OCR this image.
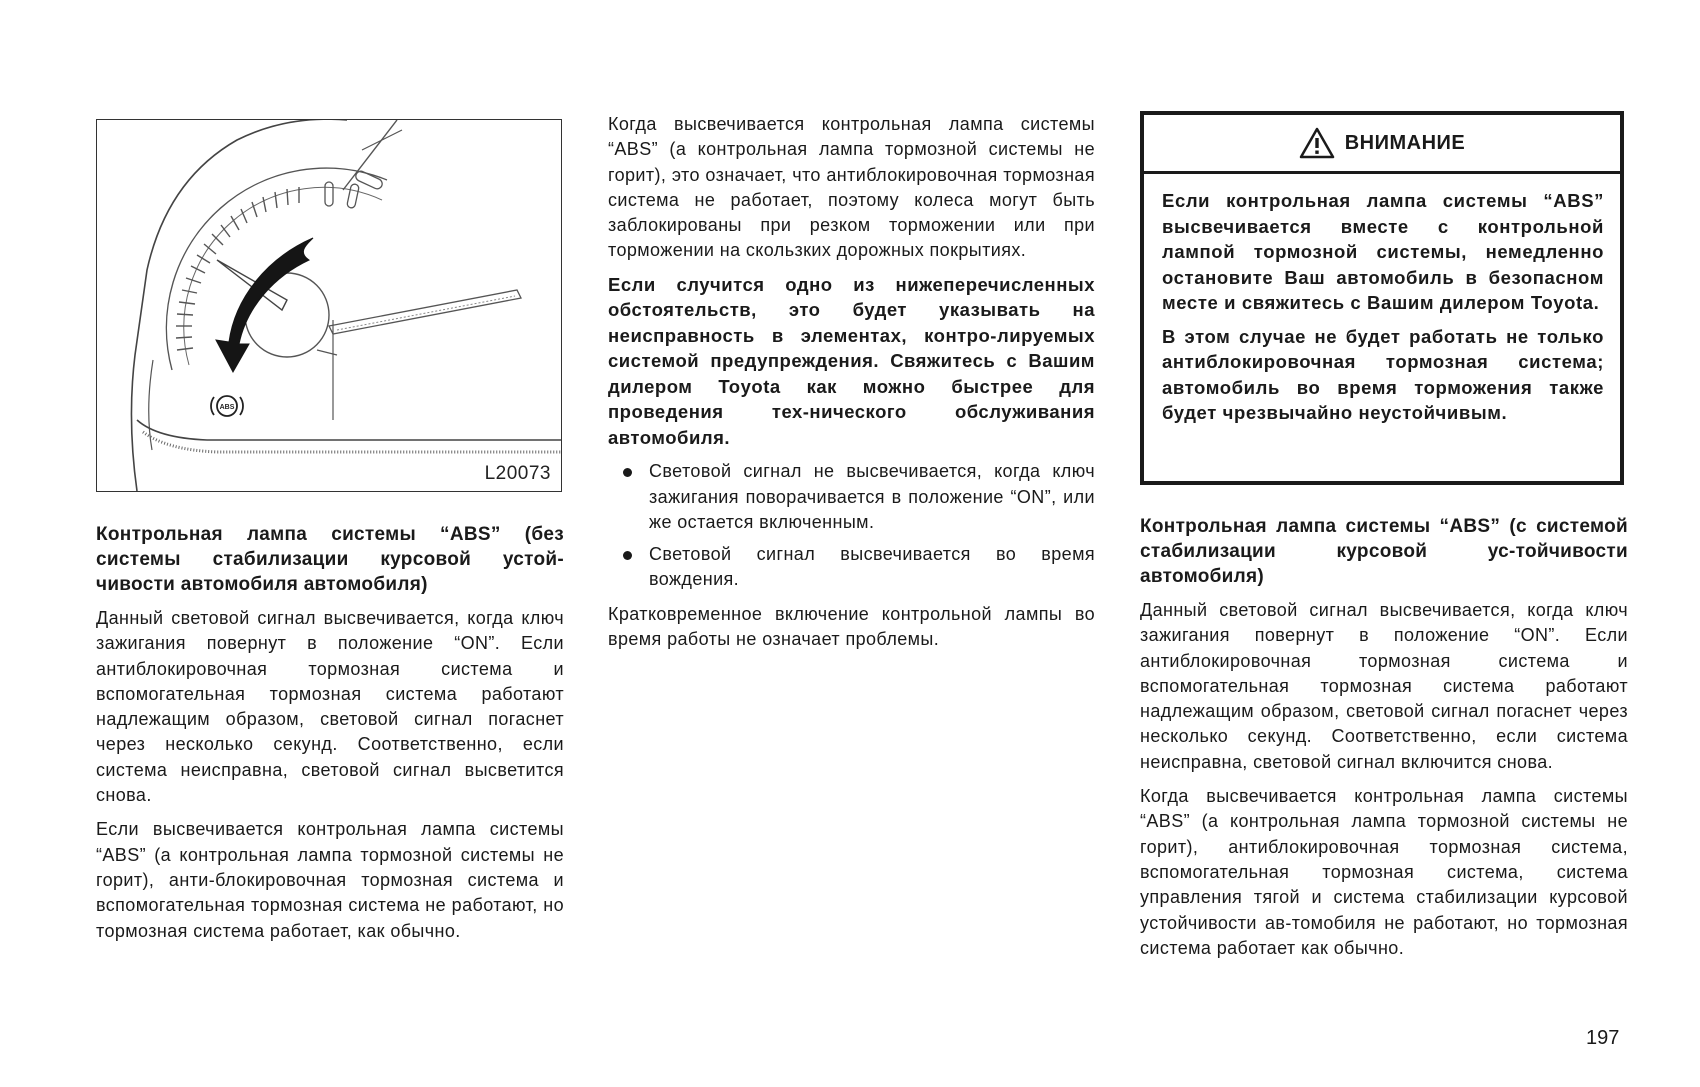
ABS
L20073
Контрольная лампа системы “ABS” (без системы стабилизации курсовой устой-чивости автомобиля автомобиля)

Данный световой сигнал высвечивается, когда ключ зажигания повернут в положение “ON”. Если антиблокировочная тормозная система и вспомогательная тормозная система работают надлежащим образом, световой сигнал погаснет через несколько секунд. Соответственно, если система неисправна, световой сигнал высветится снова.

Если высвечивается контрольная лампа системы “ABS” (а контрольная лампа тормозной системы не горит), анти-блокировочная тормозная система и вспомогательная тормозная система не работают, но тормозная система работает, как обычно.

Когда высвечивается контрольная лампа системы “ABS” (а контрольная лампа тормозной системы не горит), это означает, что антиблокировочная тормозная система не работает, поэтому колеса могут быть заблокированы при резком торможении или при торможении на скользких дорожных покрытиях.

Если случится одно из нижеперечисленных обстоятельств, это будет указывать на неисправность в элементах, контро-лируемых системой предупреждения. Свяжитесь с Вашим дилером Toyota как можно быстрее для проведения тех-нического обслуживания автомобиля.

Световой сигнал не высвечивается, когда ключ зажигания поворачивается в положение “ON”, или же остается включенным.
Световой сигнал высвечивается во время вождения.

Кратковременное включение контрольной лампы во время работы не означает проблемы.

ВНИМАНИЕ

Если контрольная лампа системы “ABS” высвечивается вместе с контрольной лампой тормозной системы, немедленно остановите Ваш автомобиль в безопасном месте и свяжитесь с Вашим дилером Toyota.

В этом случае не будет работать не только антиблокировочная тормозная система; автомобиль во время торможения также будет чрезвычайно неустойчивым.

Контрольная лампа системы “ABS” (с системой стабилизации курсовой ус-тойчивости автомобиля)

Данный световой сигнал высвечивается, когда ключ зажигания повернут в положение “ON”. Если антиблокировочная тормозная система и вспомогательная тормозная система работают надлежащим образом, световой сигнал погаснет через несколько секунд. Соответственно, если система неисправна, световой сигнал включится снова.

Когда высвечивается контрольная лампа системы “ABS” (а контрольная лампа тормозной системы не горит), антиблокировочная тормозная система, вспомогательная тормозная система, система управления тягой и система стабилизации курсовой устойчивости ав-томобиля не работают, но тормозная система работает как обычно.

197
